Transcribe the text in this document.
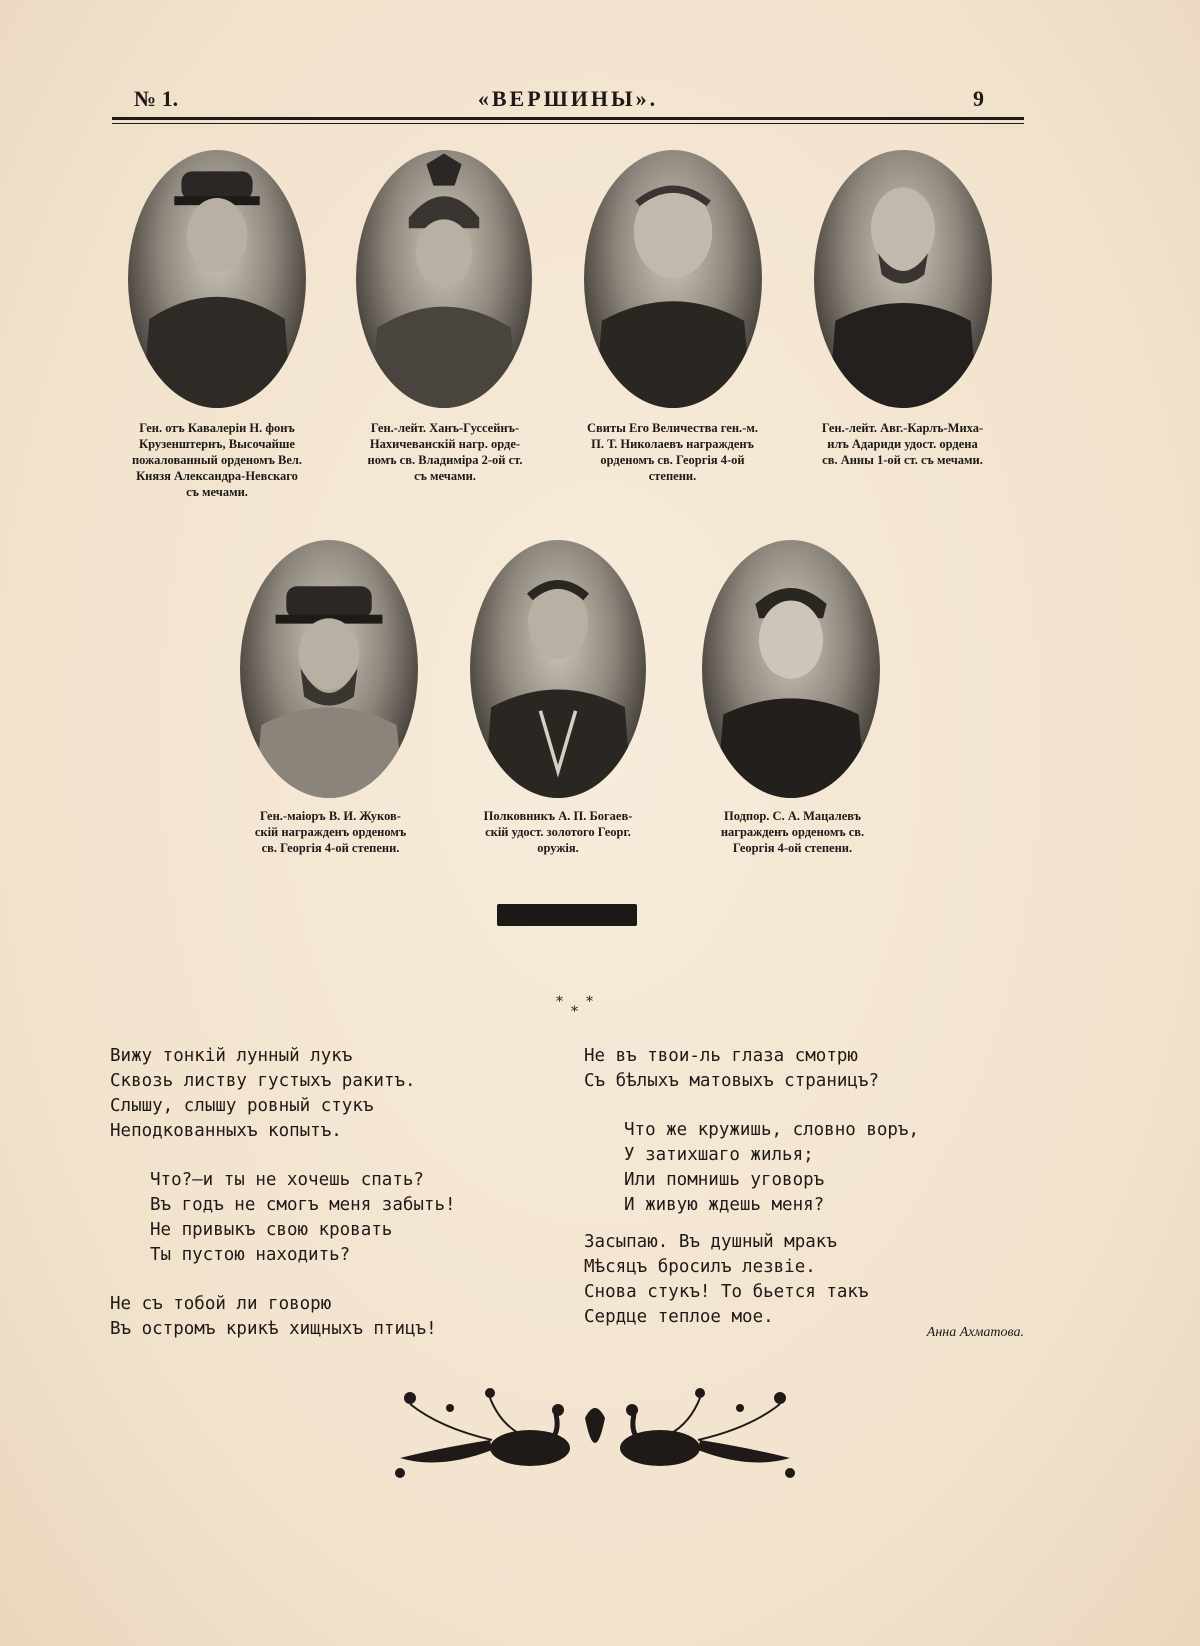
№ 1.	«ВЕРШИНЫ».	9
Ген. отъ Кавалеріи Н. фонъ
Крузенштернъ, Высочайше
пожалованный орденомъ Вел.
Князя Александра-Невскаго
съ мечами.
Ген.-лейт. Ханъ-Гуссейнъ-
Нахичеванскій нагр. орде-
номъ св. Владиміра 2-ой ст.
съ мечами.
Свиты Его Величества ген.-м.
П. Т. Николаевъ награжденъ
орденомъ св. Георгія 4-ой
степени.
Ген.-лейт. Авг.-Карлъ-Миха-
илъ Адариди удост. ордена
св. Анны 1-ой ст. съ мечами.
Ген.-маіоръ В. И. Жуков-
скій награжденъ орденомъ
св. Георгія 4-ой степени.
Полковникъ А. П. Богаев-
скій удост. золотого Георг.
оружія.
Подпор. С. А. Мацалевъ
награжденъ орденомъ св.
Георгія 4-ой степени.
* *
*
Вижу тонкій лунный лукъ
Сквозь листву густыхъ ракитъ.
Слышу, слышу ровный стукъ
Неподкованныхъ копытъ.
Что?—и ты не хочешь спать?
Въ годъ не смогъ меня забыть!
Не привыкъ свою кровать
Ты пустою находить?
Не съ тобой ли говорю
Въ остромъ крикѣ хищныхъ птицъ!
Не въ твои-ль глаза смотрю
Съ бѣлыхъ матовыхъ страницъ?
Что же кружишь, словно воръ,
У затихшаго жилья;
Или помнишь уговоръ
И живую ждешь меня?
Засыпаю. Въ душный мракъ
Мѣсяцъ бросилъ лезвіе.
Снова стукъ! То бьется такъ
Сердце теплое мое.
Анна Ахматова.
